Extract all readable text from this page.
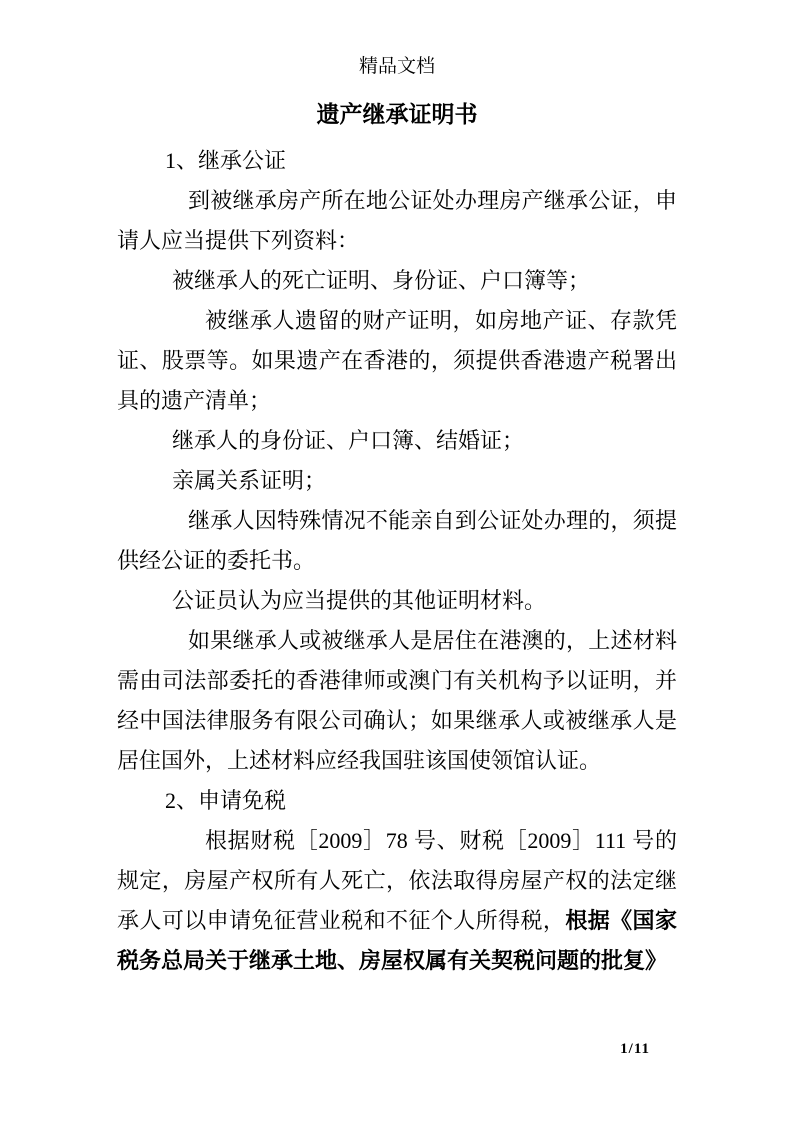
精品文档
遗产继承证明书

1、继承公证

到被继承房产所在地公证处办理房产继承公证，申请人应当提供下列资料：

被继承人的死亡证明、身份证、户口簿等；

被继承人遗留的财产证明，如房地产证、存款凭证、股票等。如果遗产在香港的，须提供香港遗产税署出具的遗产清单；

继承人的身份证、户口簿、结婚证；

亲属关系证明；

继承人因特殊情况不能亲自到公证处办理的，须提供经公证的委托书。

公证员认为应当提供的其他证明材料。

如果继承人或被继承人是居住在港澳的，上述材料需由司法部委托的香港律师或澳门有关机构予以证明，并经中国法律服务有限公司确认；如果继承人或被继承人是居住国外，上述材料应经我国驻该国使领馆认证。

2、申请免税

根据财税［2009］78 号、财税［2009］111 号的规定，房屋产权所有人死亡，依法取得房屋产权的法定继承人可以申请免征营业税和不征个人所得税，根据《国家税务总局关于继承土地、房屋权属有关契税问题的批复》

1/11
